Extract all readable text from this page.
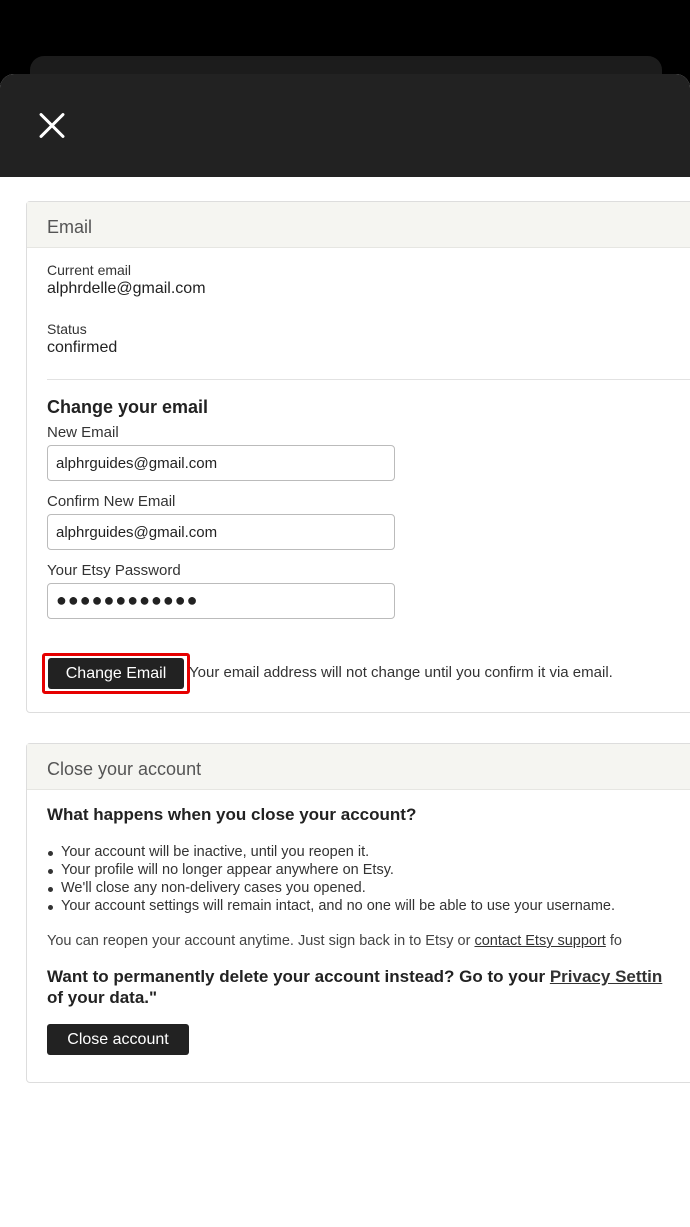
Email
Current email
alphrdelle@gmail.com
Status
confirmed
Change your email
New Email
alphrguides@gmail.com
Confirm New Email
alphrguides@gmail.com
Your Etsy Password
●●●●●●●●●●●●
Change Email	Your email address will not change until you confirm it via email.
Close your account
What happens when you close your account?
Your account will be inactive, until you reopen it.
Your profile will no longer appear anywhere on Etsy.
We'll close any non-delivery cases you opened.
Your account settings will remain intact, and no one will be able to use your username.
You can reopen your account anytime. Just sign back in to Etsy or contact Etsy support fo
Want to permanently delete your account instead? Go to your Privacy Settin
of your data."
Close account
